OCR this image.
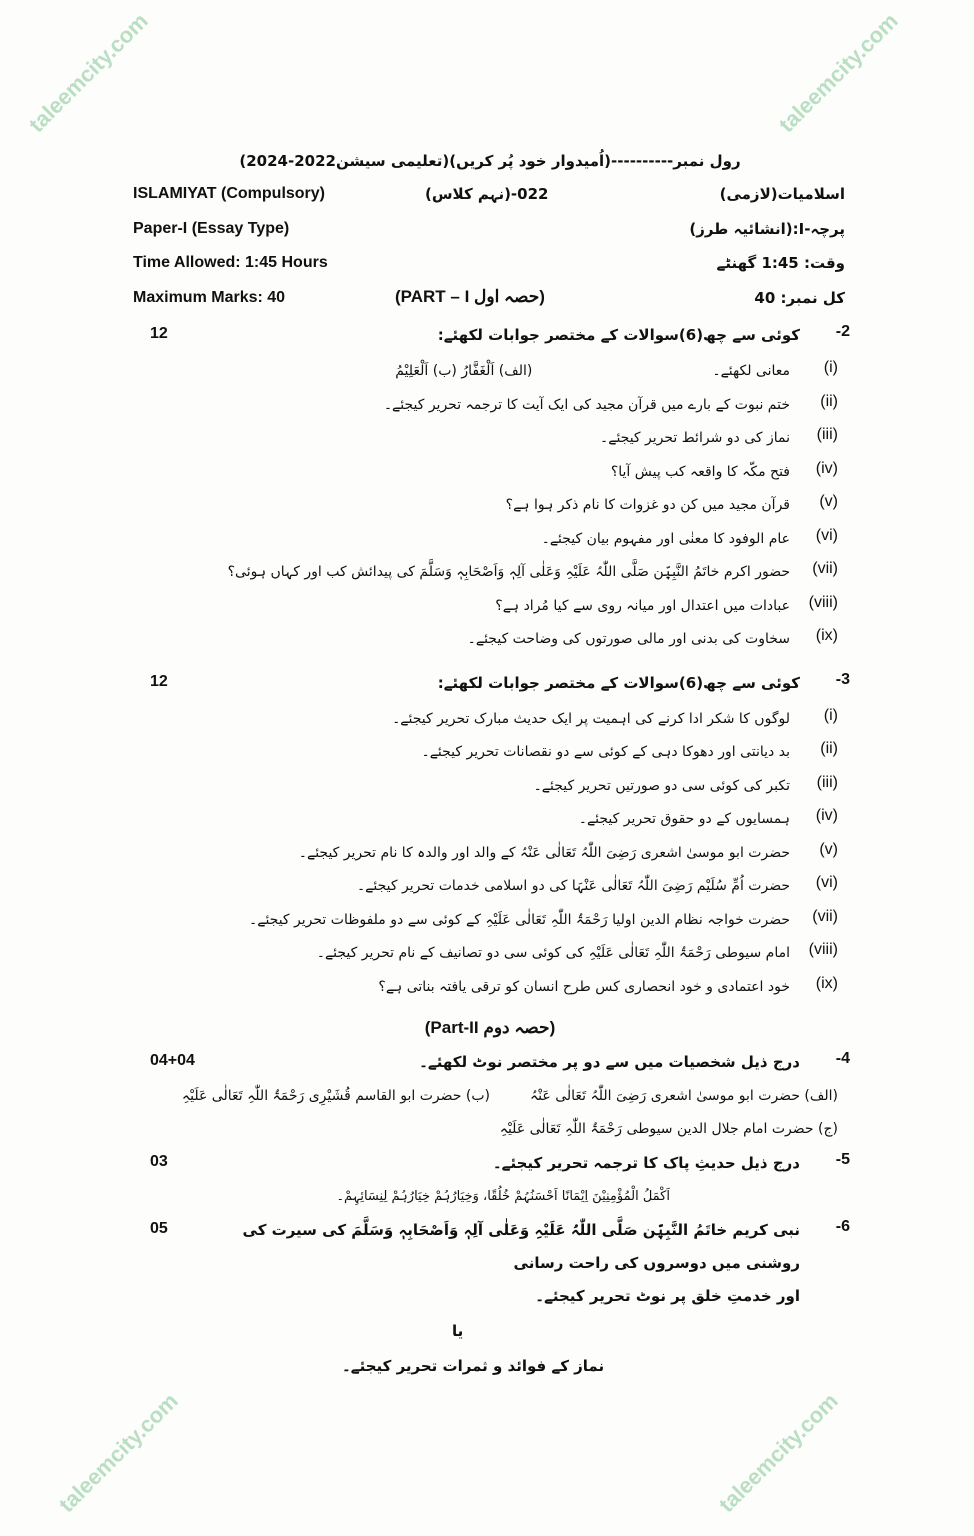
taleemcity.com	taleemcity.com
taleemcity.com	taleemcity.com
رول نمبر----------(اُمیدوار خود پُر کریں)(تعلیمی سیشن2022-2024)
ISLAMIYAT (Compulsory)	022-(نہم کلاس)	اسلامیات(لازمی)
Paper-I (Essay Type)	پرچہ-I:(انشائیہ طرز)
Time Allowed: 1:45 Hours	وقت: 1:45 گھنٹے
Maximum Marks: 40	(PART – I حصہ اول)	کل نمبر: 40
-2
کوئی سے چھ(6)سوالات کے مختصر جوابات لکھئے:
12
(i)
معانی لکھئے۔
(الف) اَلْغَفَّارُ (ب) اَلْعَلِیْمُ
(ii)
ختم نبوت کے بارے میں قرآن مجید کی ایک آیت کا ترجمہ تحریر کیجئے۔
(iii)
نماز کی دو شرائط تحریر کیجئے۔
(iv)
فتح مکّہ کا واقعہ کب پیش آیا؟
(v)
قرآن مجید میں کن دو غزوات کا نام ذکر ہوا ہے؟
(vi)
عام الوفود کا معنٰی اور مفہوم بیان کیجئے۔
(vii)
حضور اکرم خاتَمُ النَّبِیّٖن صَلَّی اللّٰہُ عَلَیْہِ وَعَلٰی آلِہٖ وَاَصْحَابِہٖ وَسَلَّمَ کی پیدائش کب اور کہاں ہوئی؟
(viii)
عبادات میں اعتدال اور میانہ روی سے کیا مُراد ہے؟
(ix)
سخاوت کی بدنی اور مالی صورتوں کی وضاحت کیجئے۔
-3
کوئی سے چھ(6)سوالات کے مختصر جوابات لکھئے:
12
(i)
لوگوں کا شکر ادا کرنے کی اہمیت پر ایک حدیث مبارک تحریر کیجئے۔
(ii)
بد دیانتی اور دھوکا دہی کے کوئی سے دو نقصانات تحریر کیجئے۔
(iii)
تکبر کی کوئی سی دو صورتیں تحریر کیجئے۔
(iv)
ہمسایوں کے دو حقوق تحریر کیجئے۔
(v)
حضرت ابو موسیٰ اشعری رَضِیَ اللّٰہُ تَعَالٰی عَنْہُ کے والد اور والدہ کا نام تحریر کیجئے۔
(vi)
حضرت اُمِّ سُلَیْم رَضِیَ اللّٰہُ تَعَالٰی عَنْہَا کی دو اسلامی خدمات تحریر کیجئے۔
(vii)
حضرت خواجہ نظام الدین اولیا رَحْمَۃُ اللّٰہِ تَعَالٰی عَلَیْہِ کے کوئی سے دو ملفوظات تحریر کیجئے۔
(viii)
امام سیوطی رَحْمَۃُ اللّٰہِ تَعَالٰی عَلَیْہِ کی کوئی سی دو تصانیف کے نام تحریر کیجئے۔
(ix)
خود اعتمادی و خود انحصاری کس طرح انسان کو ترقی یافتہ بناتی ہے؟
(Part-II حصہ دوم)
-4
درج ذیل شخصیات میں سے دو پر مختصر نوٹ لکھئے۔
04+04
(الف) حضرت ابو موسیٰ اشعری رَضِیَ اللّٰہُ تَعَالٰی عَنْہُ
(ب) حضرت ابو القاسم قُشَیْرِی رَحْمَۃُ اللّٰہِ تَعَالٰی عَلَیْہِ
(ج) حضرت امام جلال الدین سیوطی رَحْمَۃُ اللّٰہِ تَعَالٰی عَلَیْہِ
-5
درج ذیل حدیثِ پاک کا ترجمہ تحریر کیجئے۔
03
اَکْمَلُ الْمُؤْمِنِیْنَ اِیْمَانًا اَحْسَنُہُمْ خُلُقًا، وَخِیَارُہُمْ خِیَارُہُمْ لِنِسَائِہِمْ۔
-6
نبی کریم خاتَمُ النَّبِیّٖن صَلَّی اللّٰہُ عَلَیْہِ وَعَلٰی آلِہٖ وَاَصْحَابِہٖ وَسَلَّمَ کی سیرت کی روشنی میں دوسروں کی راحت رسانی
اور خدمتِ خلق پر نوٹ تحریر کیجئے۔
05
یا
نماز کے فوائد و ثمرات تحریر کیجئے۔
